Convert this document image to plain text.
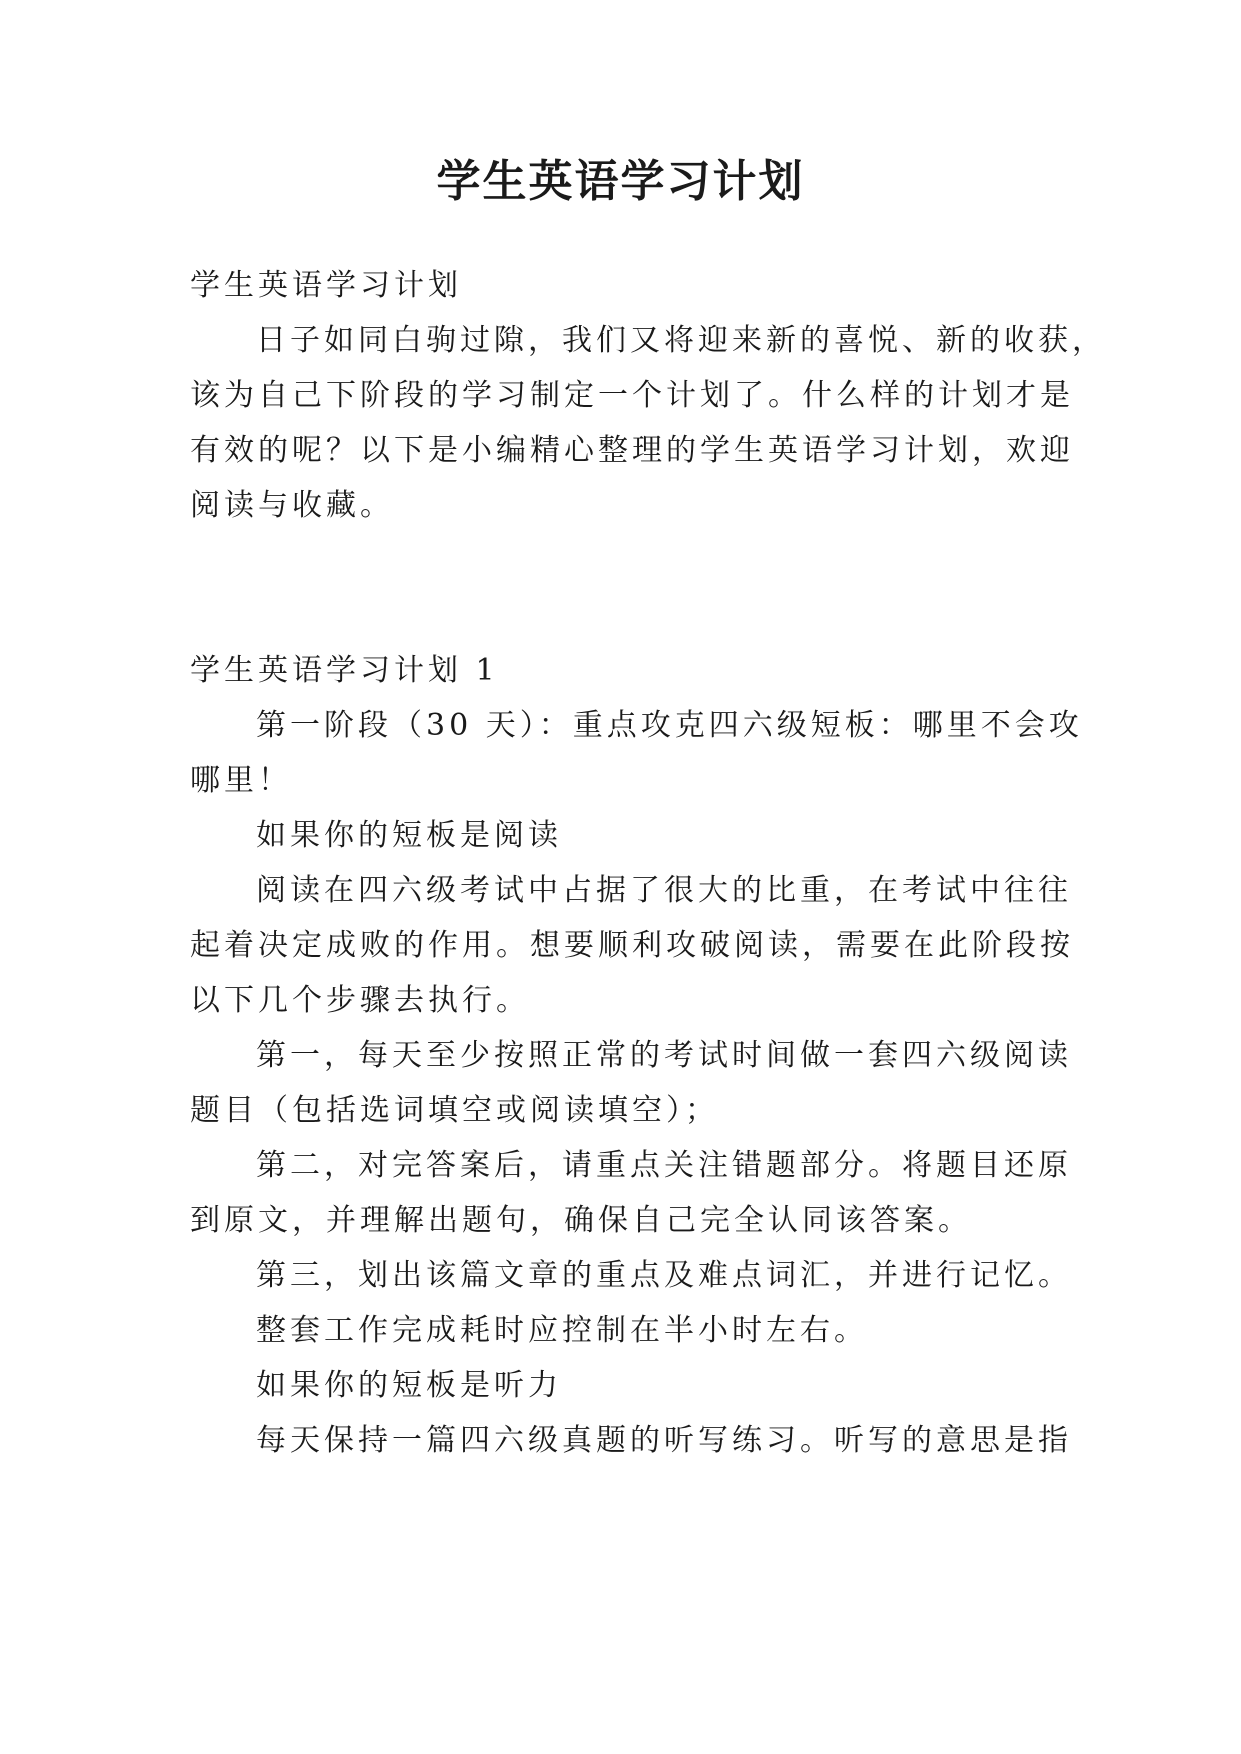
学生英语学习计划
学生英语学习计划
日子如同白驹过隙，我们又将迎来新的喜悦、新的收获，
该为自己下阶段的学习制定一个计划了。什么样的计划才是
有效的呢？以下是小编精心整理的学生英语学习计划，欢迎
阅读与收藏。
学生英语学习计划 1
第一阶段（30 天）：重点攻克四六级短板：哪里不会攻
哪里！
如果你的短板是阅读
阅读在四六级考试中占据了很大的比重，在考试中往往
起着决定成败的作用。想要顺利攻破阅读，需要在此阶段按
以下几个步骤去执行。
第一，每天至少按照正常的考试时间做一套四六级阅读
题目（包括选词填空或阅读填空）；
第二，对完答案后，请重点关注错题部分。将题目还原
到原文，并理解出题句，确保自己完全认同该答案。
第三，划出该篇文章的重点及难点词汇，并进行记忆。
整套工作完成耗时应控制在半小时左右。
如果你的短板是听力
每天保持一篇四六级真题的听写练习。听写的意思是指
